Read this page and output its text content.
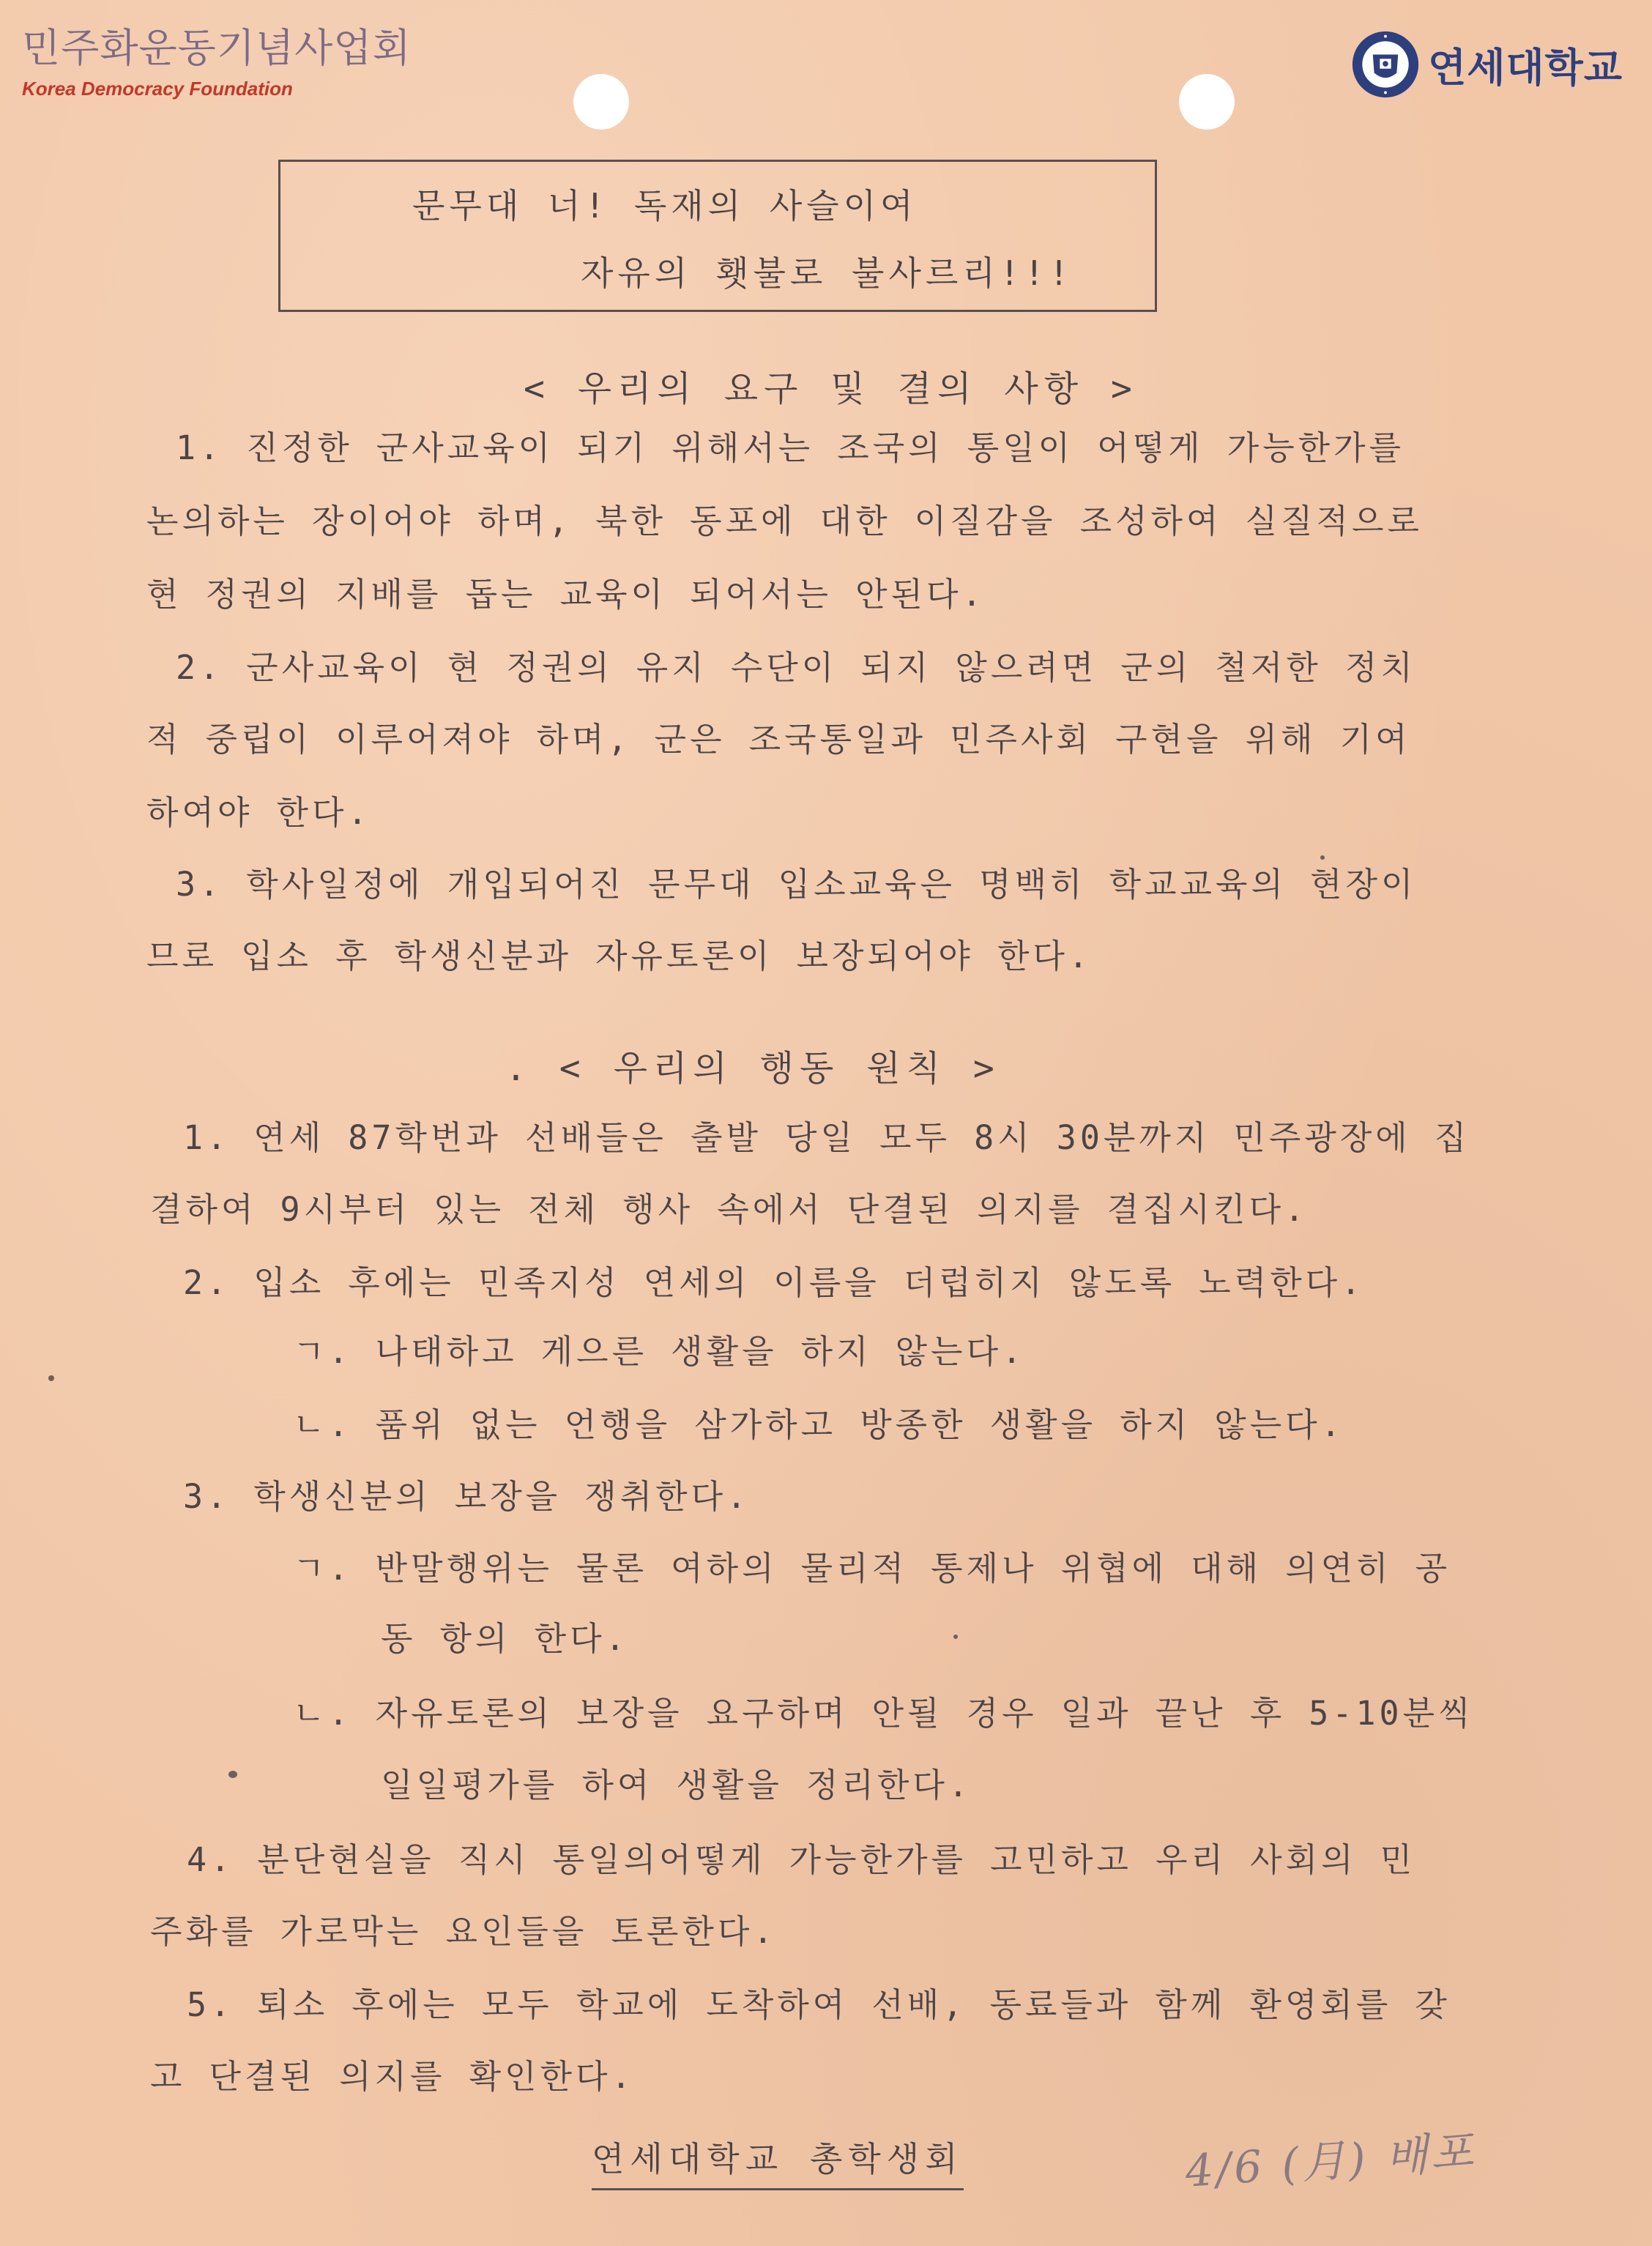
민주화운동기념사업회
Korea Democracy Foundation	연세대학교
문무대 너! 독재의 사슬이여
자유의 횃불로 불사르리!!!
< 우리의 요구 및 결의 사항 >
1. 진정한 군사교육이 되기 위해서는 조국의 통일이 어떻게 가능한가를
논의하는 장이어야 하며, 북한 동포에 대한 이질감을 조성하여 실질적으로
현 정권의 지배를 돕는 교육이 되어서는 안된다.
2. 군사교육이 현 정권의 유지 수단이 되지 않으려면 군의 철저한 정치
적 중립이 이루어져야 하며, 군은 조국통일과 민주사회 구현을 위해 기여
하여야 한다.
3. 학사일정에 개입되어진 문무대 입소교육은 명백히 학교교육의 현장이
므로 입소 후 학생신분과 자유토론이 보장되어야 한다.
. < 우리의 행동 원칙 >
1. 연세 87학번과 선배들은 출발 당일 모두 8시 30분까지 민주광장에 집
결하여 9시부터 있는 전체 행사 속에서 단결된 의지를 결집시킨다.
2. 입소 후에는 민족지성 연세의 이름을 더럽히지 않도록 노력한다.
ㄱ. 나태하고 게으른 생활을 하지 않는다.
ㄴ. 품위 없는 언행을 삼가하고 방종한 생활을 하지 않는다.
3. 학생신분의 보장을 쟁취한다.
ㄱ. 반말행위는 물론 여하의 물리적 통제나 위협에 대해 의연히 공
동 항의 한다.
ㄴ. 자유토론의 보장을 요구하며 안될 경우 일과 끝난 후 5-10분씩
일일평가를 하여 생활을 정리한다.
4. 분단현실을 직시 통일의어떻게 가능한가를 고민하고 우리 사회의 민
주화를 가로막는 요인들을 토론한다.
5. 퇴소 후에는 모두 학교에 도착하여 선배, 동료들과 함께 환영회를 갖
고 단결된 의지를 확인한다.
연세대학교 총학생회	4/6 (月) 배포
